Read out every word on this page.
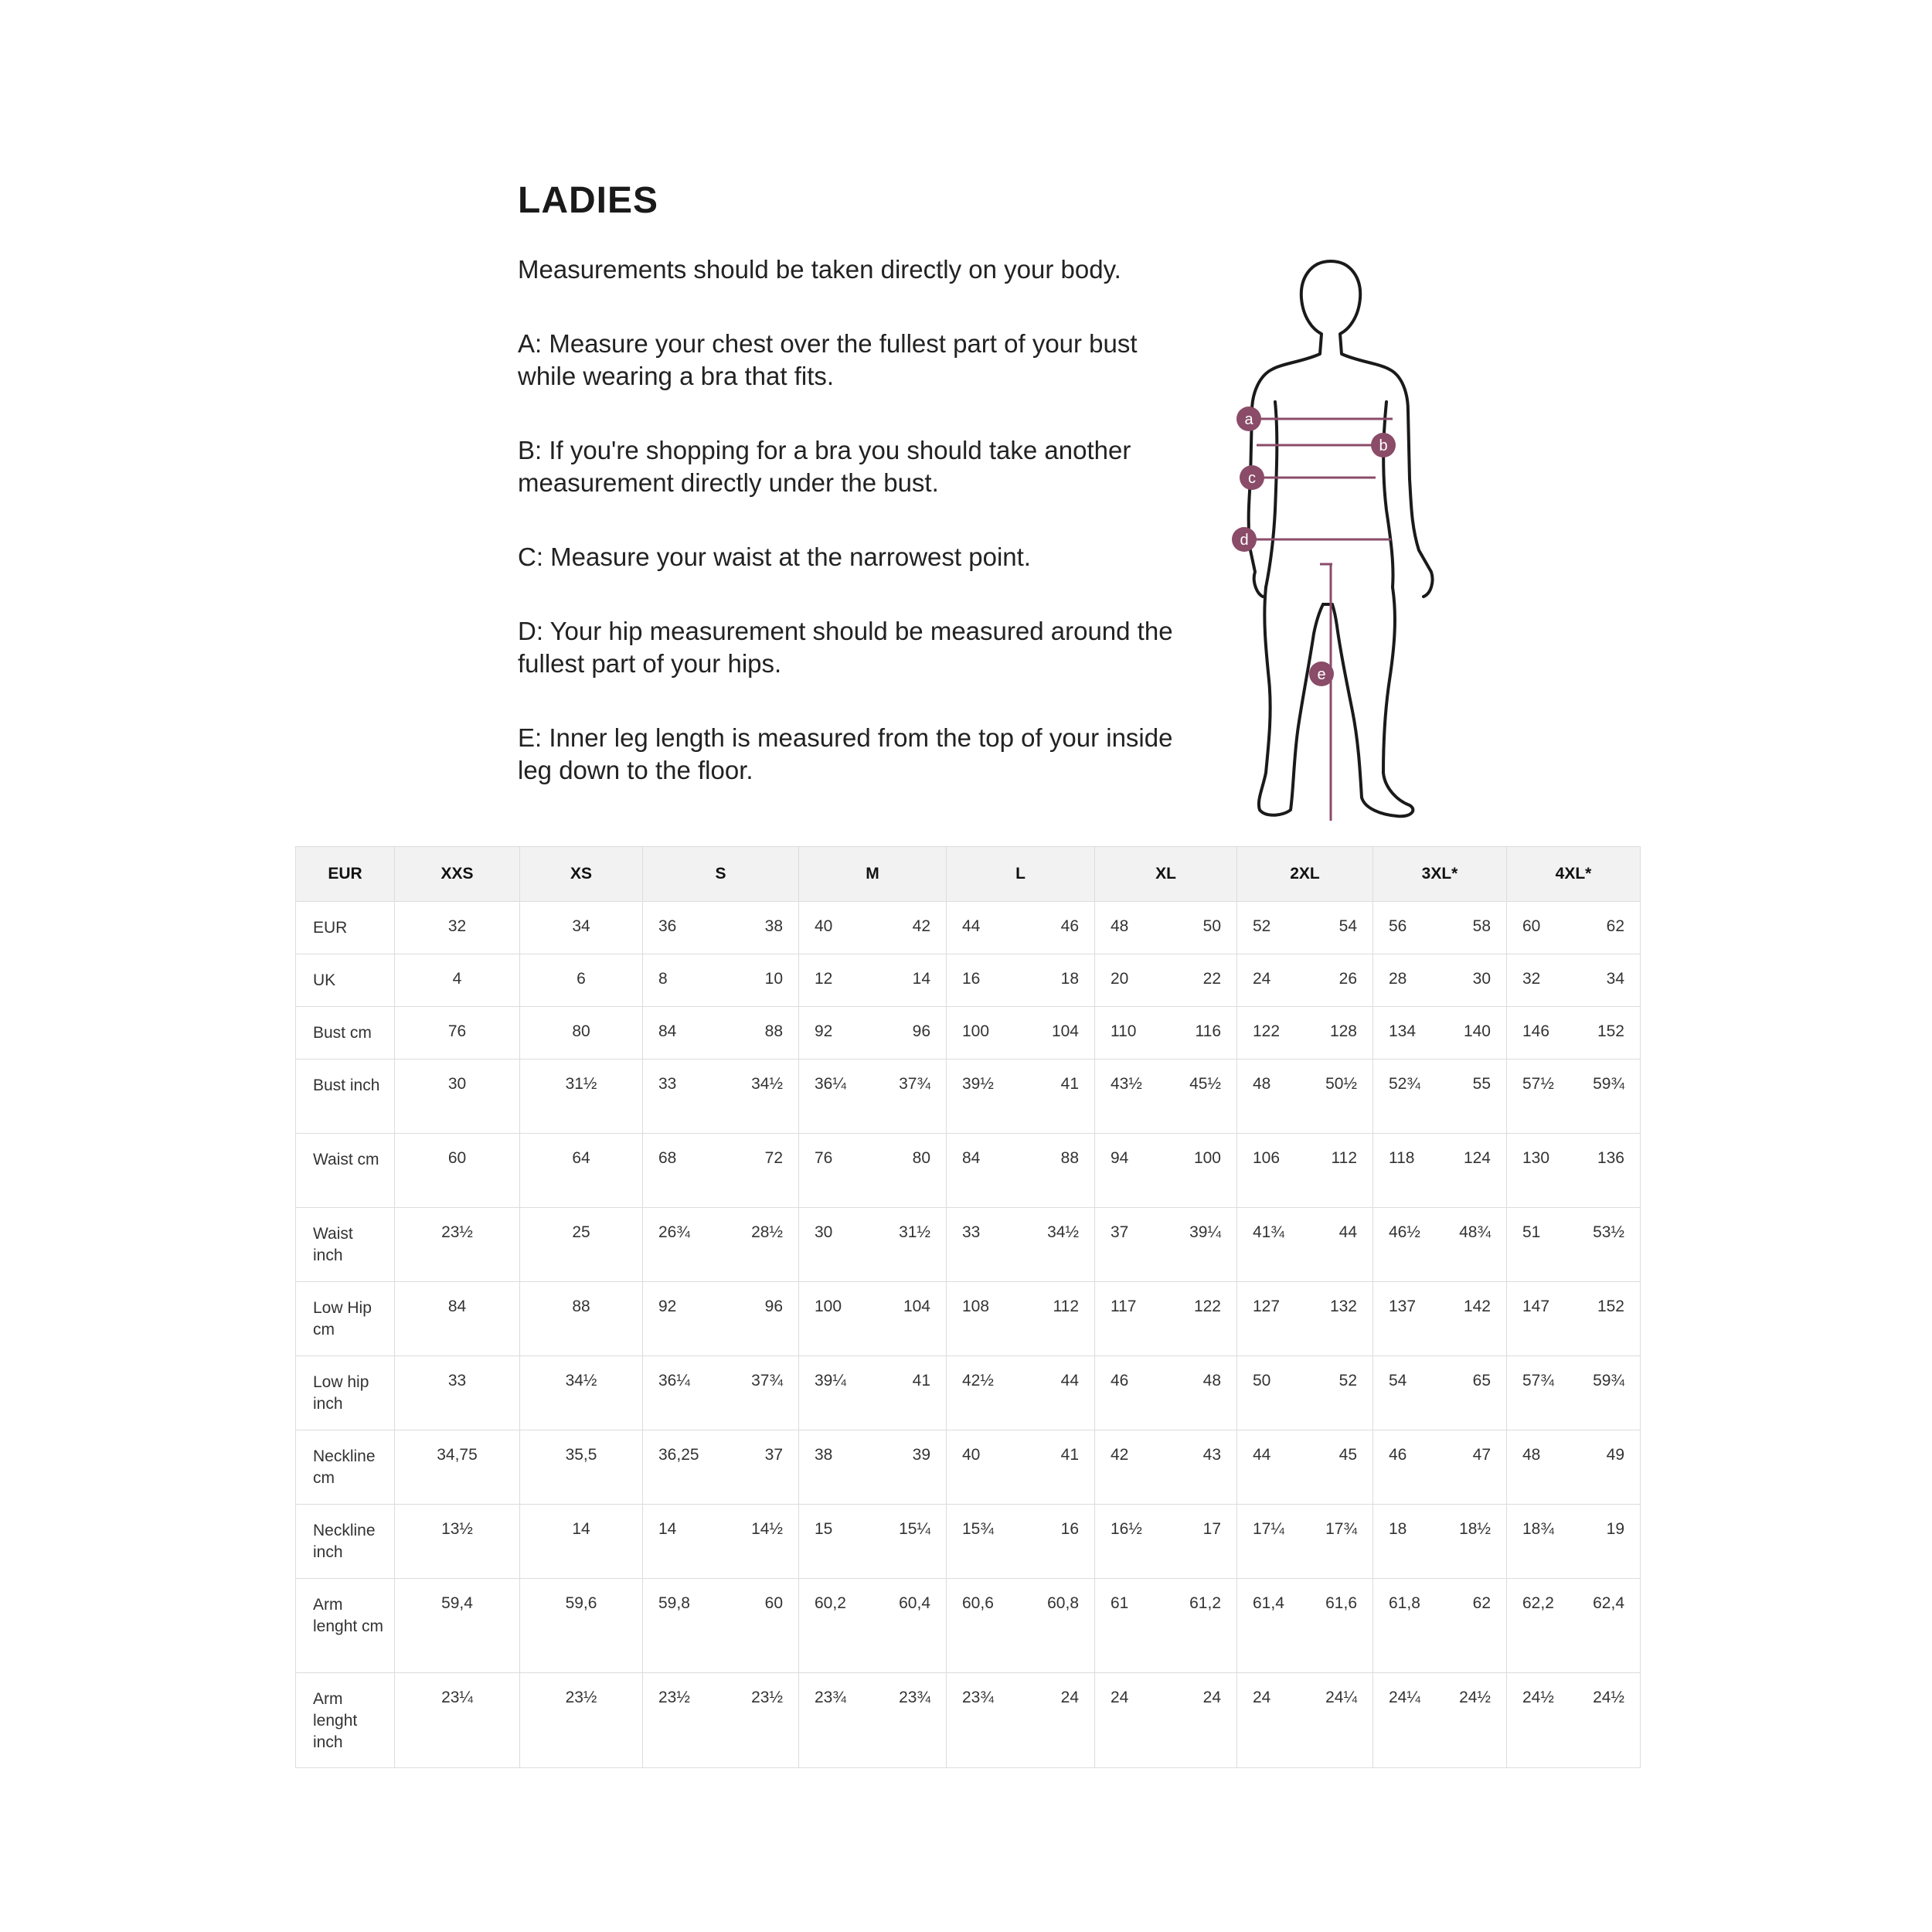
LADIES

Measurements should be taken directly on your body.

A: Measure your chest over the fullest part of your bust while wearing a bra that fits.

B: If you're shopping for a bra you should take another measurement directly under the bust.

C: Measure your waist at the narrowest point.

D: Your hip measurement should be measured around the fullest part of your hips.

E: Inner leg length is measured from the top of your inside leg down to the floor.

a
b
c
d
e
EUR	XXS	XS	S	M	L	XL	2XL	3XL*	4XL*
EUR	32	34	36 38	40 42	44 46	48 50	52 54	56 58	60 62

UK	4	6	8 10	12 14	16 18	20 22	24 26	28 30	32 34

Bust cm	76	80	84 88	92 96	100 104	110 116	122 128	134 140	146 152

Bust inch	30	31½	33 34½	36¼ 37¾	39½ 41	43½ 45½	48 50½	52¾ 55	57½ 59¾

Waist cm	60	64	68 72	76 80	84 88	94 100	106 112	118 124	130 136

Waist inch	23½	25	26¾ 28½	30 31½	33 34½	37 39¼	41¾ 44	46½ 48¾	51 53½

Low Hip cm	84	88	92 96	100 104	108 112	117 122	127 132	137 142	147 152

Low hip inch	33	34½	36¼ 37¾	39¼ 41	42½ 44	46 48	50 52	54 65	57¾ 59¾

Neckline cm	34,75	35,5	36,25 37	38 39	40 41	42 43	44 45	46 47	48 49

Neckline inch	13½	14	14 14½	15 15¼	15¾ 16	16½ 17	17¼ 17¾	18 18½	18¾ 19

Arm lenght cm	59,4	59,6	59,8 60	60,2 60,4	60,6 60,8	61 61,2	61,4 61,6	61,8 62	62,2 62,4

Arm lenght inch	23¼	23½	23½ 23½	23¾ 23¾	23¾ 24	24 24	24 24¼	24¼ 24½	24½ 24½
